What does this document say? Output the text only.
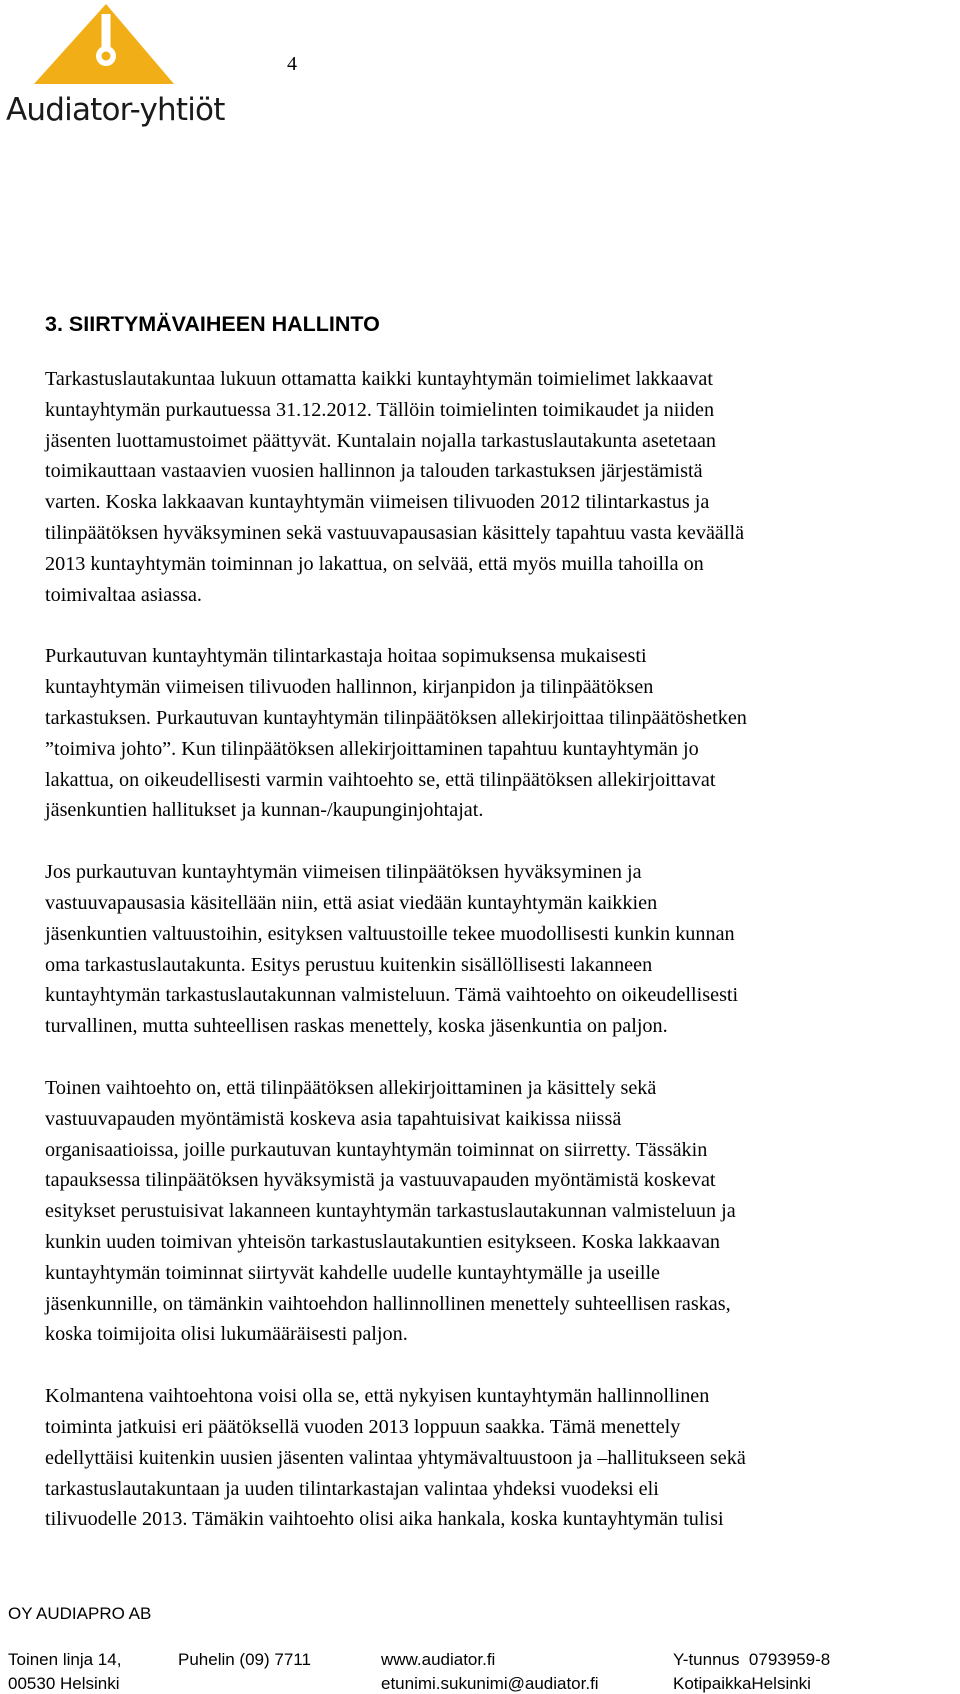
Audiator-yhtiöt
4
3. SIIRTYMÄVAIHEEN HALLINTO
Tarkastuslautakuntaa lukuun ottamatta kaikki kuntayhtymän toimielimet lakkaavat
kuntayhtymän purkautuessa 31.12.2012. Tällöin toimielinten toimikaudet ja niiden
jäsenten luottamustoimet päättyvät. Kuntalain nojalla tarkastuslautakunta asetetaan
toimikauttaan vastaavien vuosien hallinnon ja talouden tarkastuksen järjestämistä
varten. Koska lakkaavan kuntayhtymän viimeisen tilivuoden 2012 tilintarkastus ja
tilinpäätöksen hyväksyminen sekä vastuuvapausasian käsittely tapahtuu vasta keväällä
2013 kuntayhtymän toiminnan jo lakattua, on selvää, että myös muilla tahoilla on
toimivaltaa asiassa.
Purkautuvan kuntayhtymän tilintarkastaja hoitaa sopimuksensa mukaisesti
kuntayhtymän viimeisen tilivuoden hallinnon, kirjanpidon ja tilinpäätöksen
tarkastuksen. Purkautuvan kuntayhtymän tilinpäätöksen allekirjoittaa tilinpäätöshetken
”toimiva johto”. Kun tilinpäätöksen allekirjoittaminen tapahtuu kuntayhtymän jo
lakattua, on oikeudellisesti varmin vaihtoehto se, että tilinpäätöksen allekirjoittavat
jäsenkuntien hallitukset ja kunnan-/kaupunginjohtajat.
Jos purkautuvan kuntayhtymän viimeisen tilinpäätöksen hyväksyminen ja
vastuuvapausasia käsitellään niin, että asiat viedään kuntayhtymän kaikkien
jäsenkuntien valtuustoihin, esityksen valtuustoille tekee muodollisesti kunkin kunnan
oma tarkastuslautakunta. Esitys perustuu kuitenkin sisällöllisesti lakanneen
kuntayhtymän tarkastuslautakunnan valmisteluun. Tämä vaihtoehto on oikeudellisesti
turvallinen, mutta suhteellisen raskas menettely, koska jäsenkuntia on paljon.
Toinen vaihtoehto on, että tilinpäätöksen allekirjoittaminen ja käsittely sekä
vastuuvapauden myöntämistä koskeva asia tapahtuisivat kaikissa niissä
organisaatioissa, joille purkautuvan kuntayhtymän toiminnat on siirretty. Tässäkin
tapauksessa tilinpäätöksen hyväksymistä ja vastuuvapauden myöntämistä koskevat
esitykset perustuisivat lakanneen kuntayhtymän tarkastuslautakunnan valmisteluun ja
kunkin uuden toimivan yhteisön tarkastuslautakuntien esitykseen. Koska lakkaavan
kuntayhtymän toiminnat siirtyvät kahdelle uudelle kuntayhtymälle ja useille
jäsenkunnille, on tämänkin vaihtoehdon hallinnollinen menettely suhteellisen raskas,
koska toimijoita olisi lukumääräisesti paljon.
Kolmantena vaihtoehtona voisi olla se, että nykyisen kuntayhtymän hallinnollinen
toiminta jatkuisi eri päätöksellä vuoden 2013 loppuun saakka. Tämä menettely
edellyttäisi kuitenkin uusien jäsenten valintaa yhtymävaltuustoon ja –hallitukseen sekä
tarkastuslautakuntaan ja uuden tilintarkastajan valintaa yhdeksi vuodeksi eli
tilivuodelle 2013. Tämäkin vaihtoehto olisi aika hankala, koska kuntayhtymän tulisi
OY AUDIAPRO AB
Toinen linja 14,
00530 Helsinki
Puhelin (09) 7711	www.audiator.fi
etunimi.sukunimi@audiator.fi
Y-tunnus  0793959-8
KotipaikkaHelsinki
